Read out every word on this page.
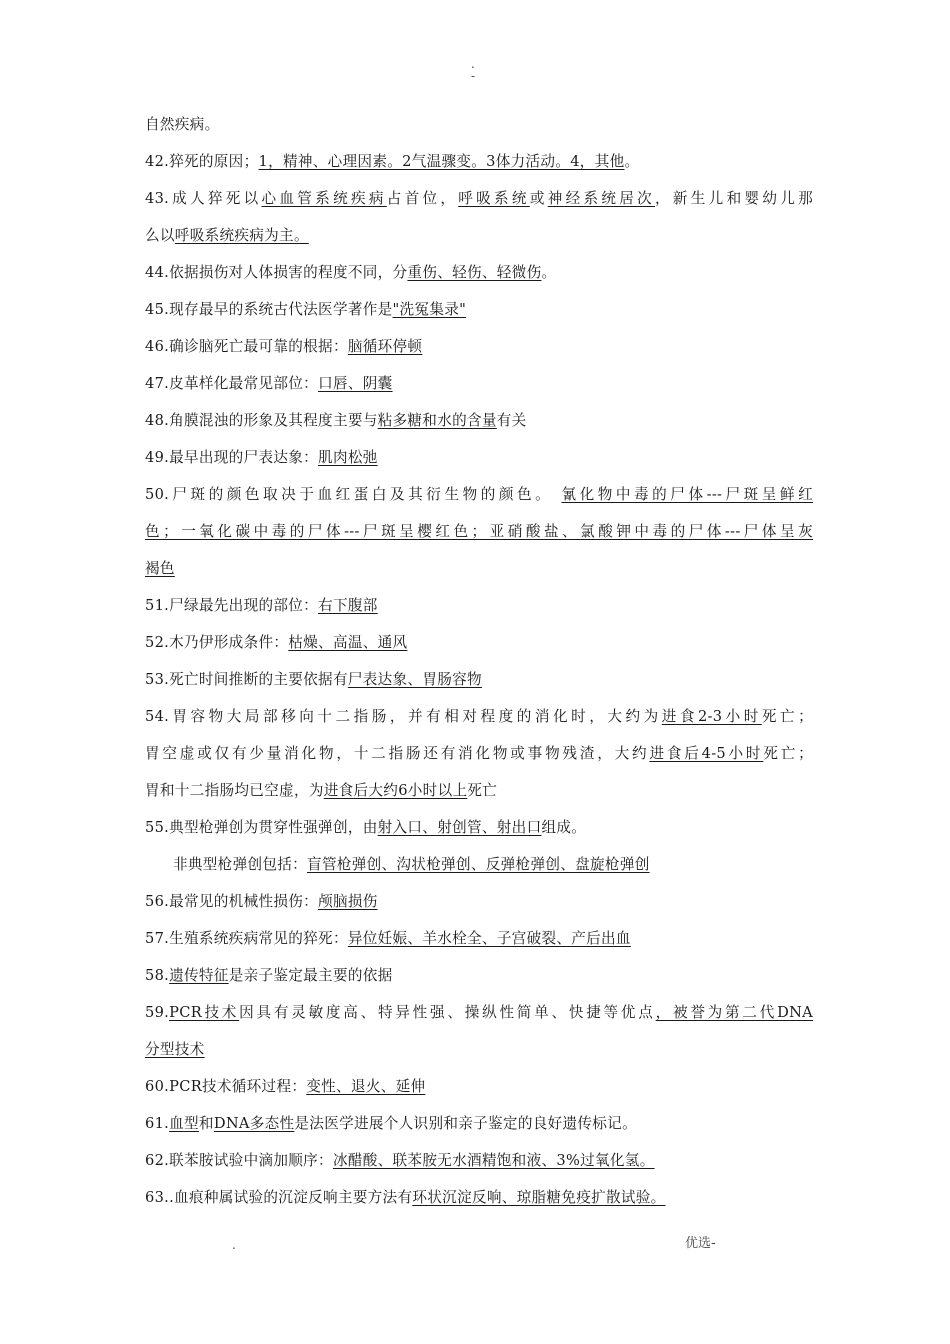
.
-
自然疾病。
42.猝死的原因；1，精神、心理因素。2气温骤变。3体力活动。4，其他。
43.成人猝死以心血管系统疾病占首位，呼吸系统或神经系统居次，新生儿和婴幼儿那
么以呼吸系统疾病为主。
44.依据损伤对人体损害的程度不同，分重伤、轻伤、轻微伤。
45.现存最早的系统古代法医学著作是"洗冤集录"
46.确诊脑死亡最可靠的根据：脑循环停顿
47.皮革样化最常见部位：口唇、阴囊
48.角膜混浊的形象及其程度主要与粘多糖和水的含量有关
49.最早出现的尸表达象：肌肉松弛
50.尸斑的颜色取决于血红蛋白及其衍生物的颜色。 氰化物中毒的尸体---尸斑呈鲜红
色；一氧化碳中毒的尸体---尸斑呈樱红色；亚硝酸盐、氯酸钾中毒的尸体---尸体呈灰
褐色
51.尸绿最先出现的部位：右下腹部
52.木乃伊形成条件：枯燥、高温、通风
53.死亡时间推断的主要依据有尸表达象、胃肠容物
54.胃容物大局部移向十二指肠，并有相对程度的消化时，大约为进食2-3小时死亡；
胃空虚或仅有少量消化物，十二指肠还有消化物或事物残渣，大约进食后4-5小时死亡；
胃和十二指肠均已空虚，为进食后大约6小时以上死亡
55.典型枪弹创为贯穿性强弹创，由射入口、射创管、射出口组成。
非典型枪弹创包括：盲管枪弹创、沟状枪弹创、反弹枪弹创、盘旋枪弹创
56.最常见的机械性损伤：颅脑损伤
57.生殖系统疾病常见的猝死：异位妊娠、羊水栓全、子宫破裂、产后出血
58.遗传特征是亲子鉴定最主要的依据
59.PCR技术因具有灵敏度高、特异性强、操纵性简单、快捷等优点，被誉为第二代DNA
分型技术
60.PCR技术循环过程：变性、退火、延伸
61.血型和DNA多态性是法医学进展个人识别和亲子鉴定的良好遗传标记。
62.联苯胺试验中滴加顺序：冰醋酸、联苯胺无水酒精饱和液、3%过氧化氢。
63..血痕种属试验的沉淀反响主要方法有环状沉淀反响、琼脂糖免疫扩散试验。
.	优选-
